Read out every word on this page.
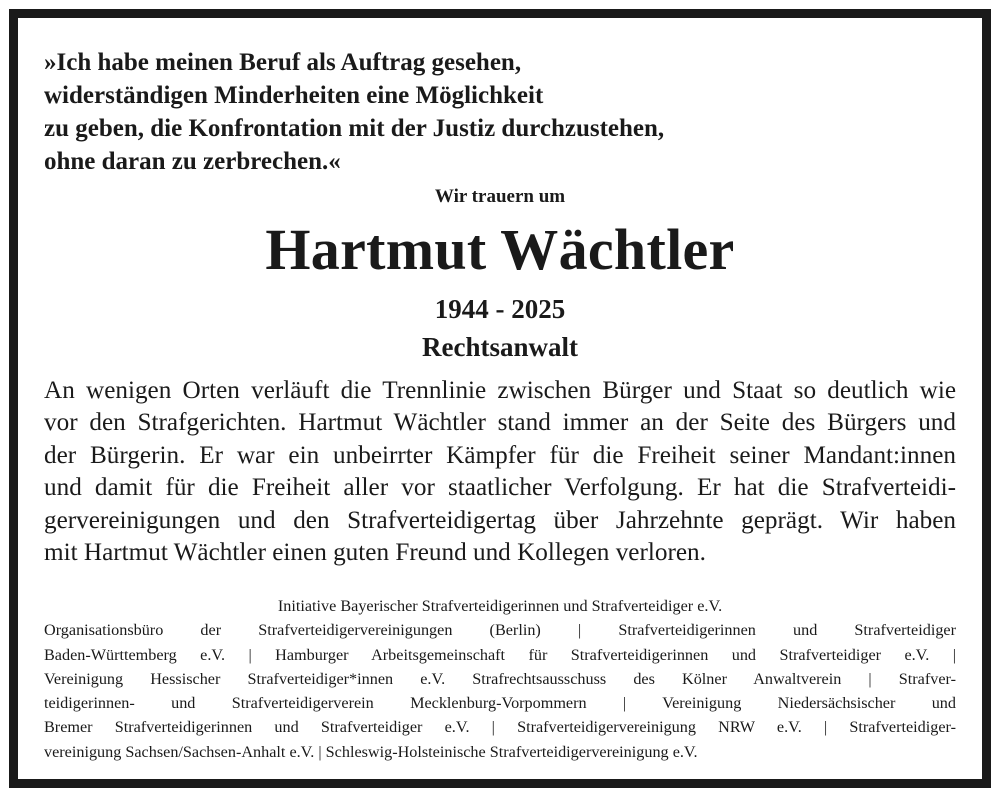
»Ich habe meinen Beruf als Auftrag gesehen,
widerständigen Minderheiten eine Möglichkeit
zu geben, die Konfrontation mit der Justiz durchzustehen,
ohne daran zu zerbrechen.«
Wir trauern um
Hartmut Wächtler
1944 - 2025
Rechtsanwalt
An wenigen Orten verläuft die Trennlinie zwischen Bürger und Staat so deutlich wie
vor den Strafgerichten. Hartmut Wächtler stand immer an der Seite des Bürgers und
der Bürgerin. Er war ein unbeirrter Kämpfer für die Freiheit seiner Mandant:innen
und damit für die Freiheit aller vor staatlicher Verfolgung. Er hat die Strafverteidi-
gervereinigungen und den Strafverteidigertag über Jahrzehnte geprägt. Wir haben
mit Hartmut Wächtler einen guten Freund und Kollegen verloren.
Initiative Bayerischer Strafverteidigerinnen und Strafverteidiger e.V.
Organisationsbüro der Strafverteidigervereinigungen (Berlin) | Strafverteidigerinnen und Strafverteidiger
Baden-Württemberg e.V. | Hamburger Arbeitsgemeinschaft für Strafverteidigerinnen und Strafverteidiger e.V. |
Vereinigung Hessischer Strafverteidiger*innen e.V. Strafrechtsausschuss des Kölner Anwaltverein | Strafver-
teidigerinnen- und Strafverteidigerverein Mecklenburg-Vorpommern | Vereinigung Niedersächsischer und
Bremer Strafverteidigerinnen und Strafverteidiger e.V. | Strafverteidigervereinigung NRW e.V. | Strafverteidiger-
vereinigung Sachsen/Sachsen-Anhalt e.V. | Schleswig-Holsteinische Strafverteidigervereinigung e.V.
